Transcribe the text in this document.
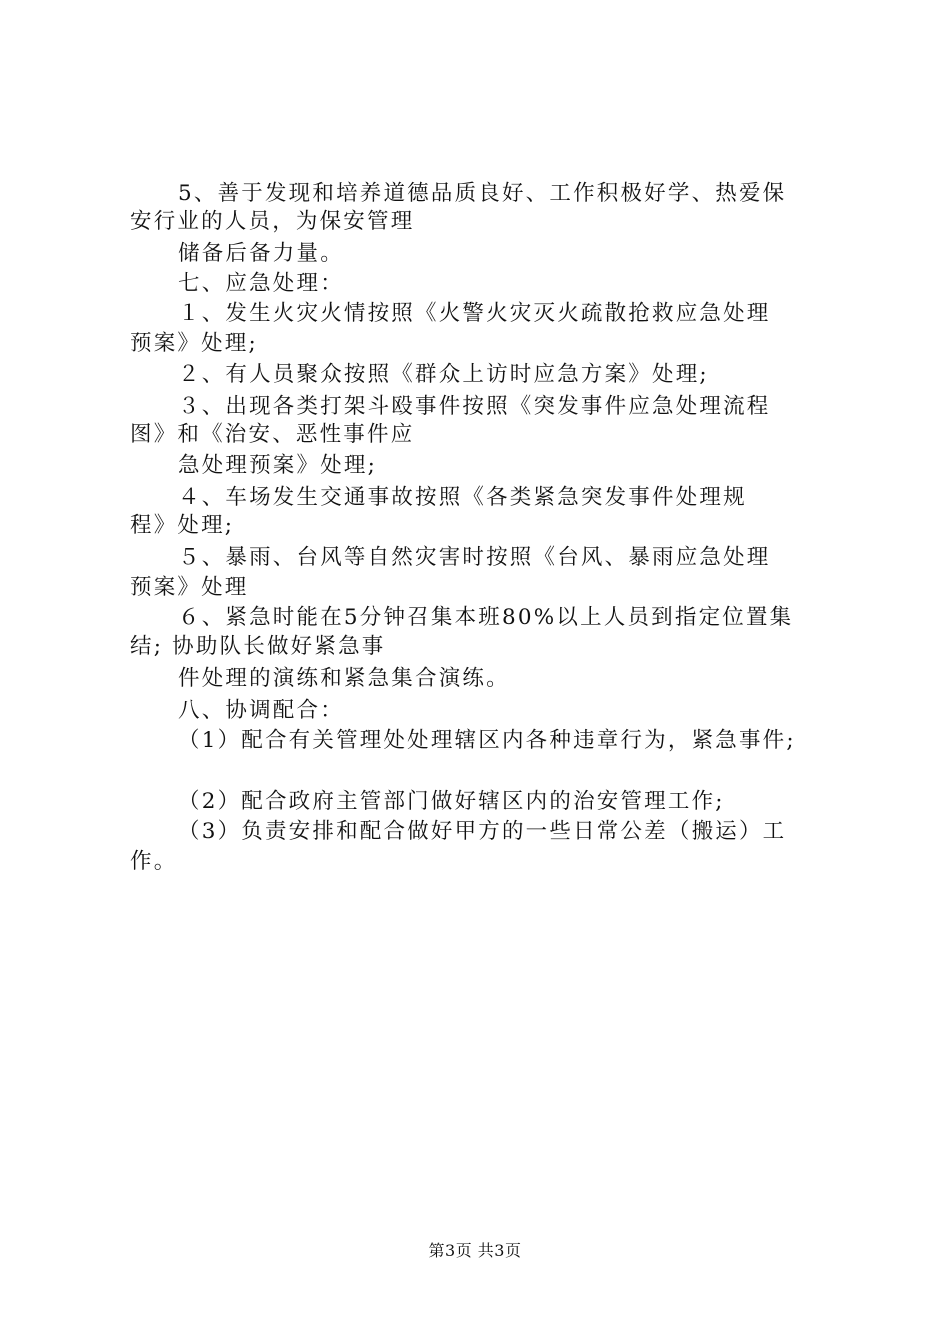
5、善于发现和培养道德品质良好、工作积极好学、热爱保
安行业的人员，为保安管理
储备后备力量。
七、应急处理：
１、发生火灾火情按照《火警火灾灭火疏散抢救应急处理
预案》处理;
２、有人员聚众按照《群众上访时应急方案》处理;
３、出现各类打架斗殴事件按照《突发事件应急处理流程
图》和《治安、恶性事件应
急处理预案》处理;
４、车场发生交通事故按照《各类紧急突发事件处理规
程》处理;
５、暴雨、台风等自然灾害时按照《台风、暴雨应急处理
预案》处理
６、紧急时能在5分钟召集本班80%以上人员到指定位置集
结; 协助队长做好紧急事
件处理的演练和紧急集合演练。
八、协调配合：
（1）配合有关管理处处理辖区内各种违章行为，紧急事件;
（2）配合政府主管部门做好辖区内的治安管理工作;
（3）负责安排和配合做好甲方的一些日常公差（搬运）工
作。
第3页 共3页
